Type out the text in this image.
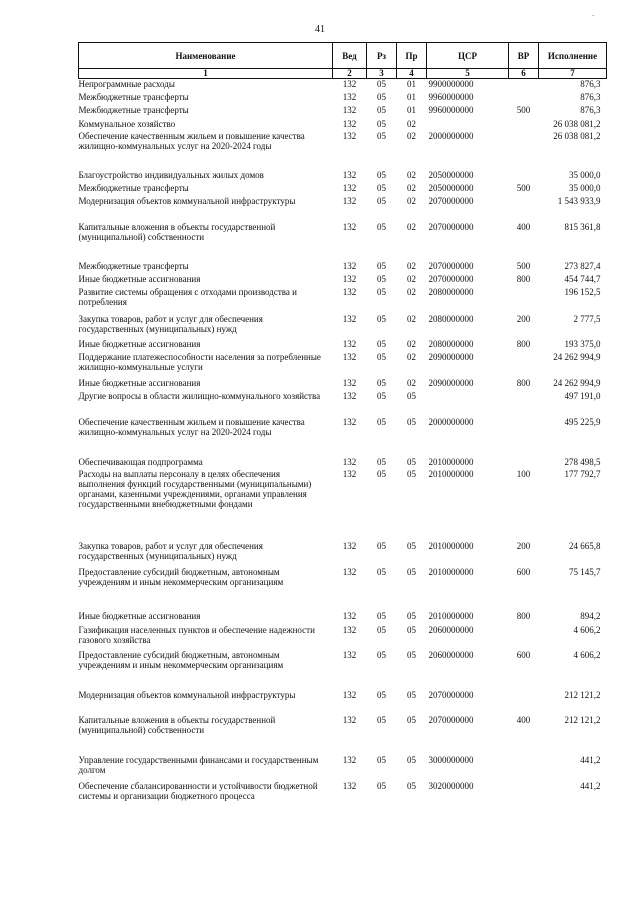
41
.
Наименование	Вед	Рз	Пр	ЦСР	ВР	Исполнение
1	2	3	4	5	6	7
Непрограммные расходы	132	05	01	9900000000		876,3
Межбюджетные трансферты	132	05	01	9960000000		876,3
Межбюджетные трансферты	132	05	01	9960000000	500	876,3
Коммунальное хозяйство	132	05	02			26 038 081,2
Обеспечение качественным жильем и повышение качества жилищно-коммунальных услуг на 2020-2024 годы	132	05	02	2000000000		26 038 081,2
Благоустройство индивидуальных жилых домов	132	05	02	2050000000		35 000,0
Межбюджетные трансферты	132	05	02	2050000000	500	35 000,0
Модернизация объектов коммунальной инфраструктуры	132	05	02	2070000000		1 543 933,9
Капитальные вложения в объекты государственной (муниципальной) собственности	132	05	02	2070000000	400	815 361,8
Межбюджетные трансферты	132	05	02	2070000000	500	273 827,4
Иные бюджетные ассигнования	132	05	02	2070000000	800	454 744,7
Развитие системы обращения с отходами производства и потребления	132	05	02	2080000000		196 152,5
Закупка товаров, работ и услуг для обеспечения государственных (муниципальных) нужд	132	05	02	2080000000	200	2 777,5
Иные бюджетные ассигнования	132	05	02	2080000000	800	193 375,0
Поддержание платежеспособности населения за потребленные жилищно-коммунальные услуги	132	05	02	2090000000		24 262 994,9
Иные бюджетные ассигнования	132	05	02	2090000000	800	24 262 994,9
Другие вопросы в области жилищно-коммунального хозяйства	132	05	05			497 191,0
Обеспечение качественным жильем и повышение качества жилищно-коммунальных услуг на 2020-2024 годы	132	05	05	2000000000		495 225,9
Обеспечивающая подпрограмма	132	05	05	2010000000		278 498,5
Расходы на выплаты персоналу в целях обеспечения выполнения функций государственными (муниципальными) органами, казенными учреждениями, органами управления государственными внебюджетными фондами	132	05	05	2010000000	100	177 792,7
Закупка товаров, работ и услуг для обеспечения государственных (муниципальных) нужд	132	05	05	2010000000	200	24 665,8
Предоставление субсидий бюджетным, автономным учреждениям и иным некоммерческим организациям	132	05	05	2010000000	600	75 145,7
Иные бюджетные ассигнования	132	05	05	2010000000	800	894,2
Газификация населенных пунктов и обеспечение надежности газового хозяйства	132	05	05	2060000000		4 606,2
Предоставление субсидий бюджетным, автономным учреждениям и иным некоммерческим организациям	132	05	05	2060000000	600	4 606,2
Модернизация объектов коммунальной инфраструктуры	132	05	05	2070000000		212 121,2
Капитальные вложения в объекты государственной (муниципальной) собственности	132	05	05	2070000000	400	212 121,2
Управление государственными финансами и государственным долгом	132	05	05	3000000000		441,2
Обеспечение сбалансированности и устойчивости бюджетной системы и организации бюджетного процесса	132	05	05	3020000000		441,2
